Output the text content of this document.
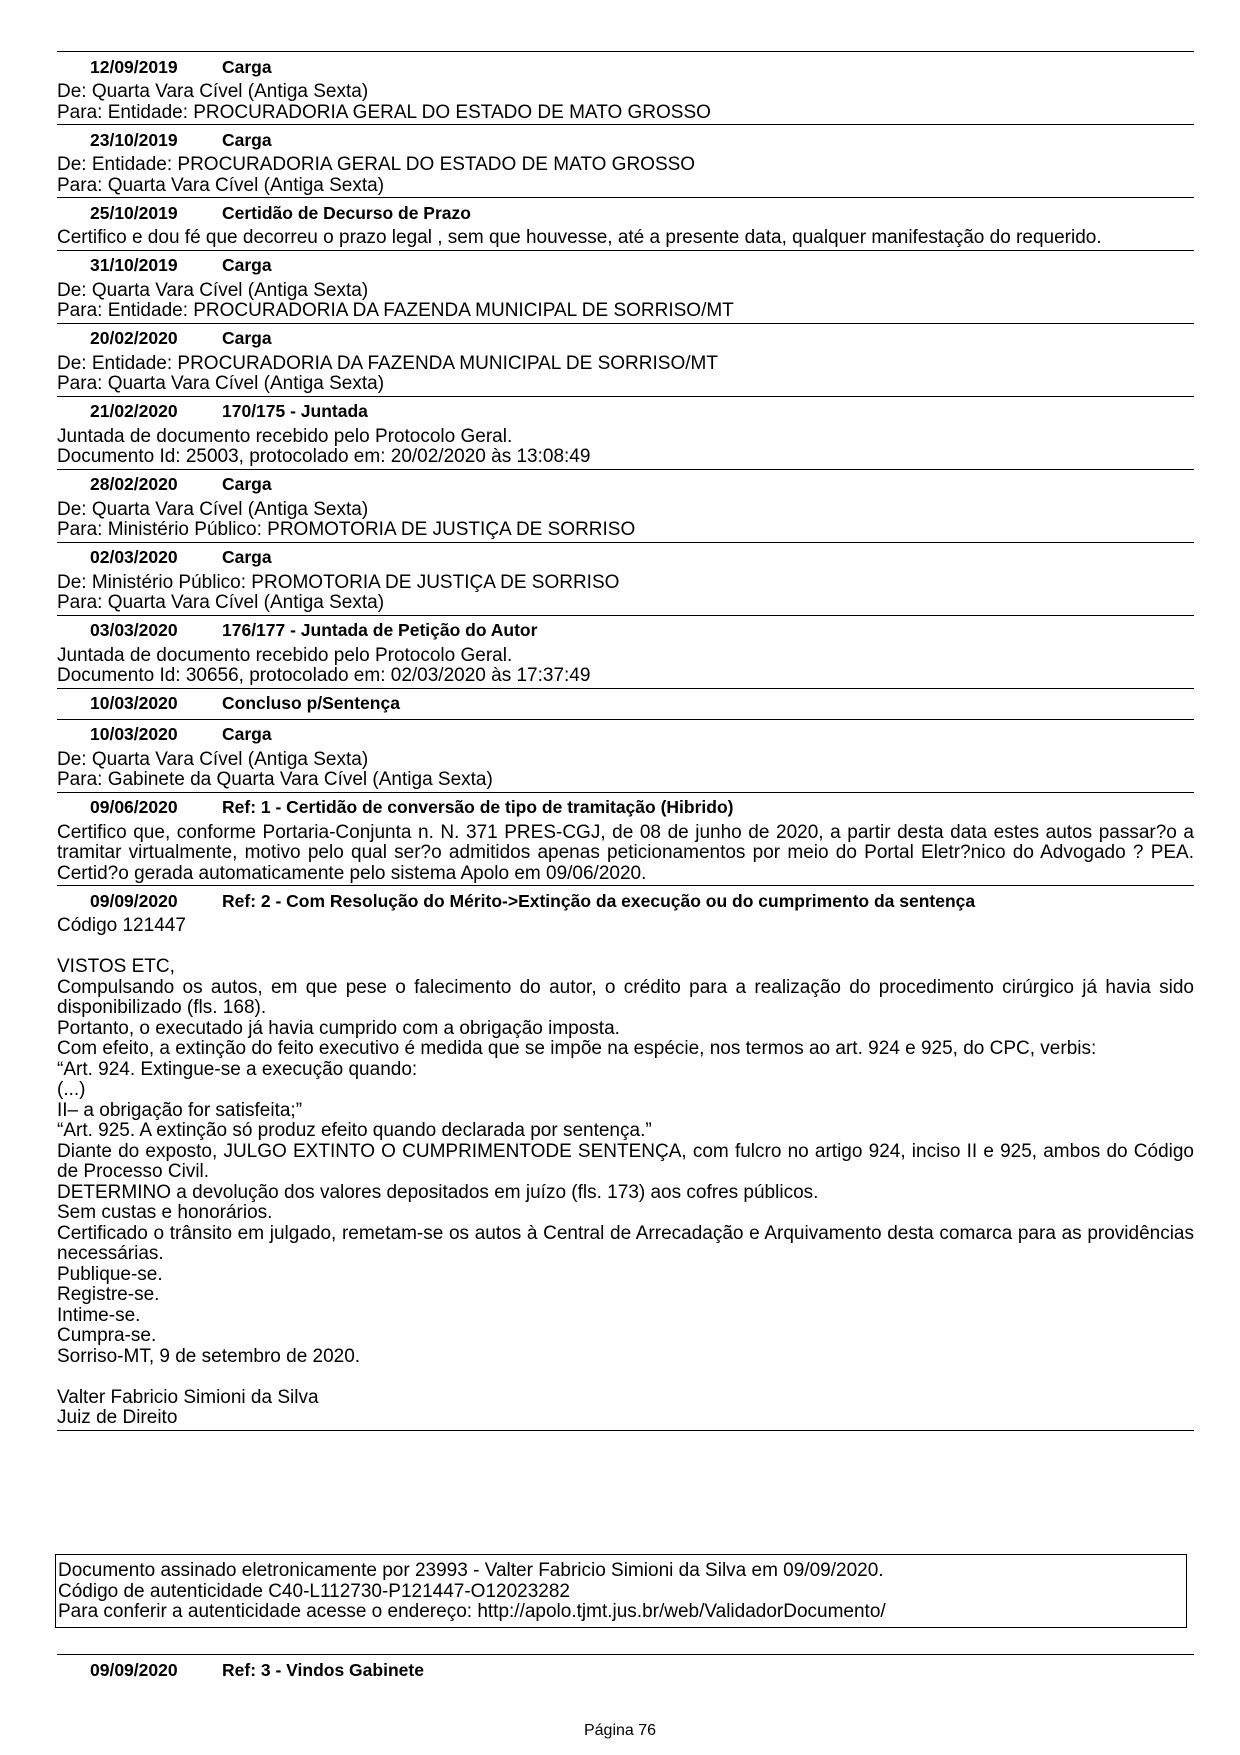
12/09/2019	Carga
De: Quarta Vara Cível (Antiga Sexta)
Para: Entidade: PROCURADORIA GERAL DO ESTADO DE MATO GROSSO
23/10/2019	Carga
De: Entidade: PROCURADORIA GERAL DO ESTADO DE MATO GROSSO
Para: Quarta Vara Cível (Antiga Sexta)
25/10/2019	Certidão de Decurso de Prazo
Certifico e dou fé que decorreu o prazo legal , sem que houvesse, até a presente data, qualquer manifestação do requerido.
31/10/2019	Carga
De: Quarta Vara Cível (Antiga Sexta)
Para: Entidade: PROCURADORIA DA FAZENDA MUNICIPAL DE SORRISO/MT
20/02/2020	Carga
De: Entidade: PROCURADORIA DA FAZENDA MUNICIPAL DE SORRISO/MT
Para: Quarta Vara Cível (Antiga Sexta)
21/02/2020	170/175 - Juntada
Juntada de documento recebido pelo Protocolo Geral.
Documento Id: 25003, protocolado em: 20/02/2020 às 13:08:49
28/02/2020	Carga
De: Quarta Vara Cível (Antiga Sexta)
Para: Ministério Público: PROMOTORIA DE JUSTIÇA DE SORRISO
02/03/2020	Carga
De: Ministério Público: PROMOTORIA DE JUSTIÇA DE SORRISO
Para: Quarta Vara Cível (Antiga Sexta)
03/03/2020	176/177 - Juntada de Petição do Autor
Juntada de documento recebido pelo Protocolo Geral.
Documento Id: 30656, protocolado em: 02/03/2020 às 17:37:49
10/03/2020	Concluso p/Sentença
10/03/2020	Carga
De: Quarta Vara Cível (Antiga Sexta)
Para: Gabinete da Quarta Vara Cível (Antiga Sexta)
09/06/2020	Ref: 1 - Certidão de conversão de tipo de tramitação (Hibrido)
Certifico que, conforme Portaria-Conjunta n. N. 371 PRES-CGJ, de 08 de junho de 2020, a partir desta data estes autos passar?o a tramitar virtualmente, motivo pelo qual ser?o admitidos apenas peticionamentos por meio do Portal Eletr?nico do Advogado ? PEA. Certid?o gerada automaticamente pelo sistema Apolo em 09/06/2020.
09/09/2020	Ref: 2 - Com Resolução do Mérito->Extinção da execução ou do cumprimento da sentença
Código 121447
VISTOS ETC,
Compulsando os autos, em que pese o falecimento do autor, o crédito para a realização do procedimento cirúrgico já havia sido disponibilizado (fls. 168).
Portanto, o executado já havia cumprido com a obrigação imposta.
Com efeito, a extinção do feito executivo é medida que se impõe na espécie, nos termos ao art. 924 e 925, do CPC, verbis:
“Art. 924. Extingue-se a execução quando:
(...)
II– a obrigação for satisfeita;”
“Art. 925. A extinção só produz efeito quando declarada por sentença.”
Diante do exposto, JULGO EXTINTO O CUMPRIMENTODE SENTENÇA, com fulcro no artigo 924, inciso II e 925, ambos do Código de Processo Civil.
DETERMINO a devolução dos valores depositados em juízo (fls. 173) aos cofres públicos.
Sem custas e honorários.
Certificado o trânsito em julgado, remetam-se os autos à Central de Arrecadação e Arquivamento desta comarca para as providências necessárias.
Publique-se.
Registre-se.
Intime-se.
Cumpra-se.
Sorriso-MT, 9 de setembro de 2020.
Valter Fabricio Simioni da Silva
Juiz de Direito
Documento assinado eletronicamente por 23993 - Valter Fabricio Simioni da Silva em 09/09/2020.
Código de autenticidade C40-L112730-P121447-O12023282
Para conferir a autenticidade acesse o endereço: http://apolo.tjmt.jus.br/web/ValidadorDocumento/
09/09/2020	Ref: 3 - Vindos Gabinete
Página 76
